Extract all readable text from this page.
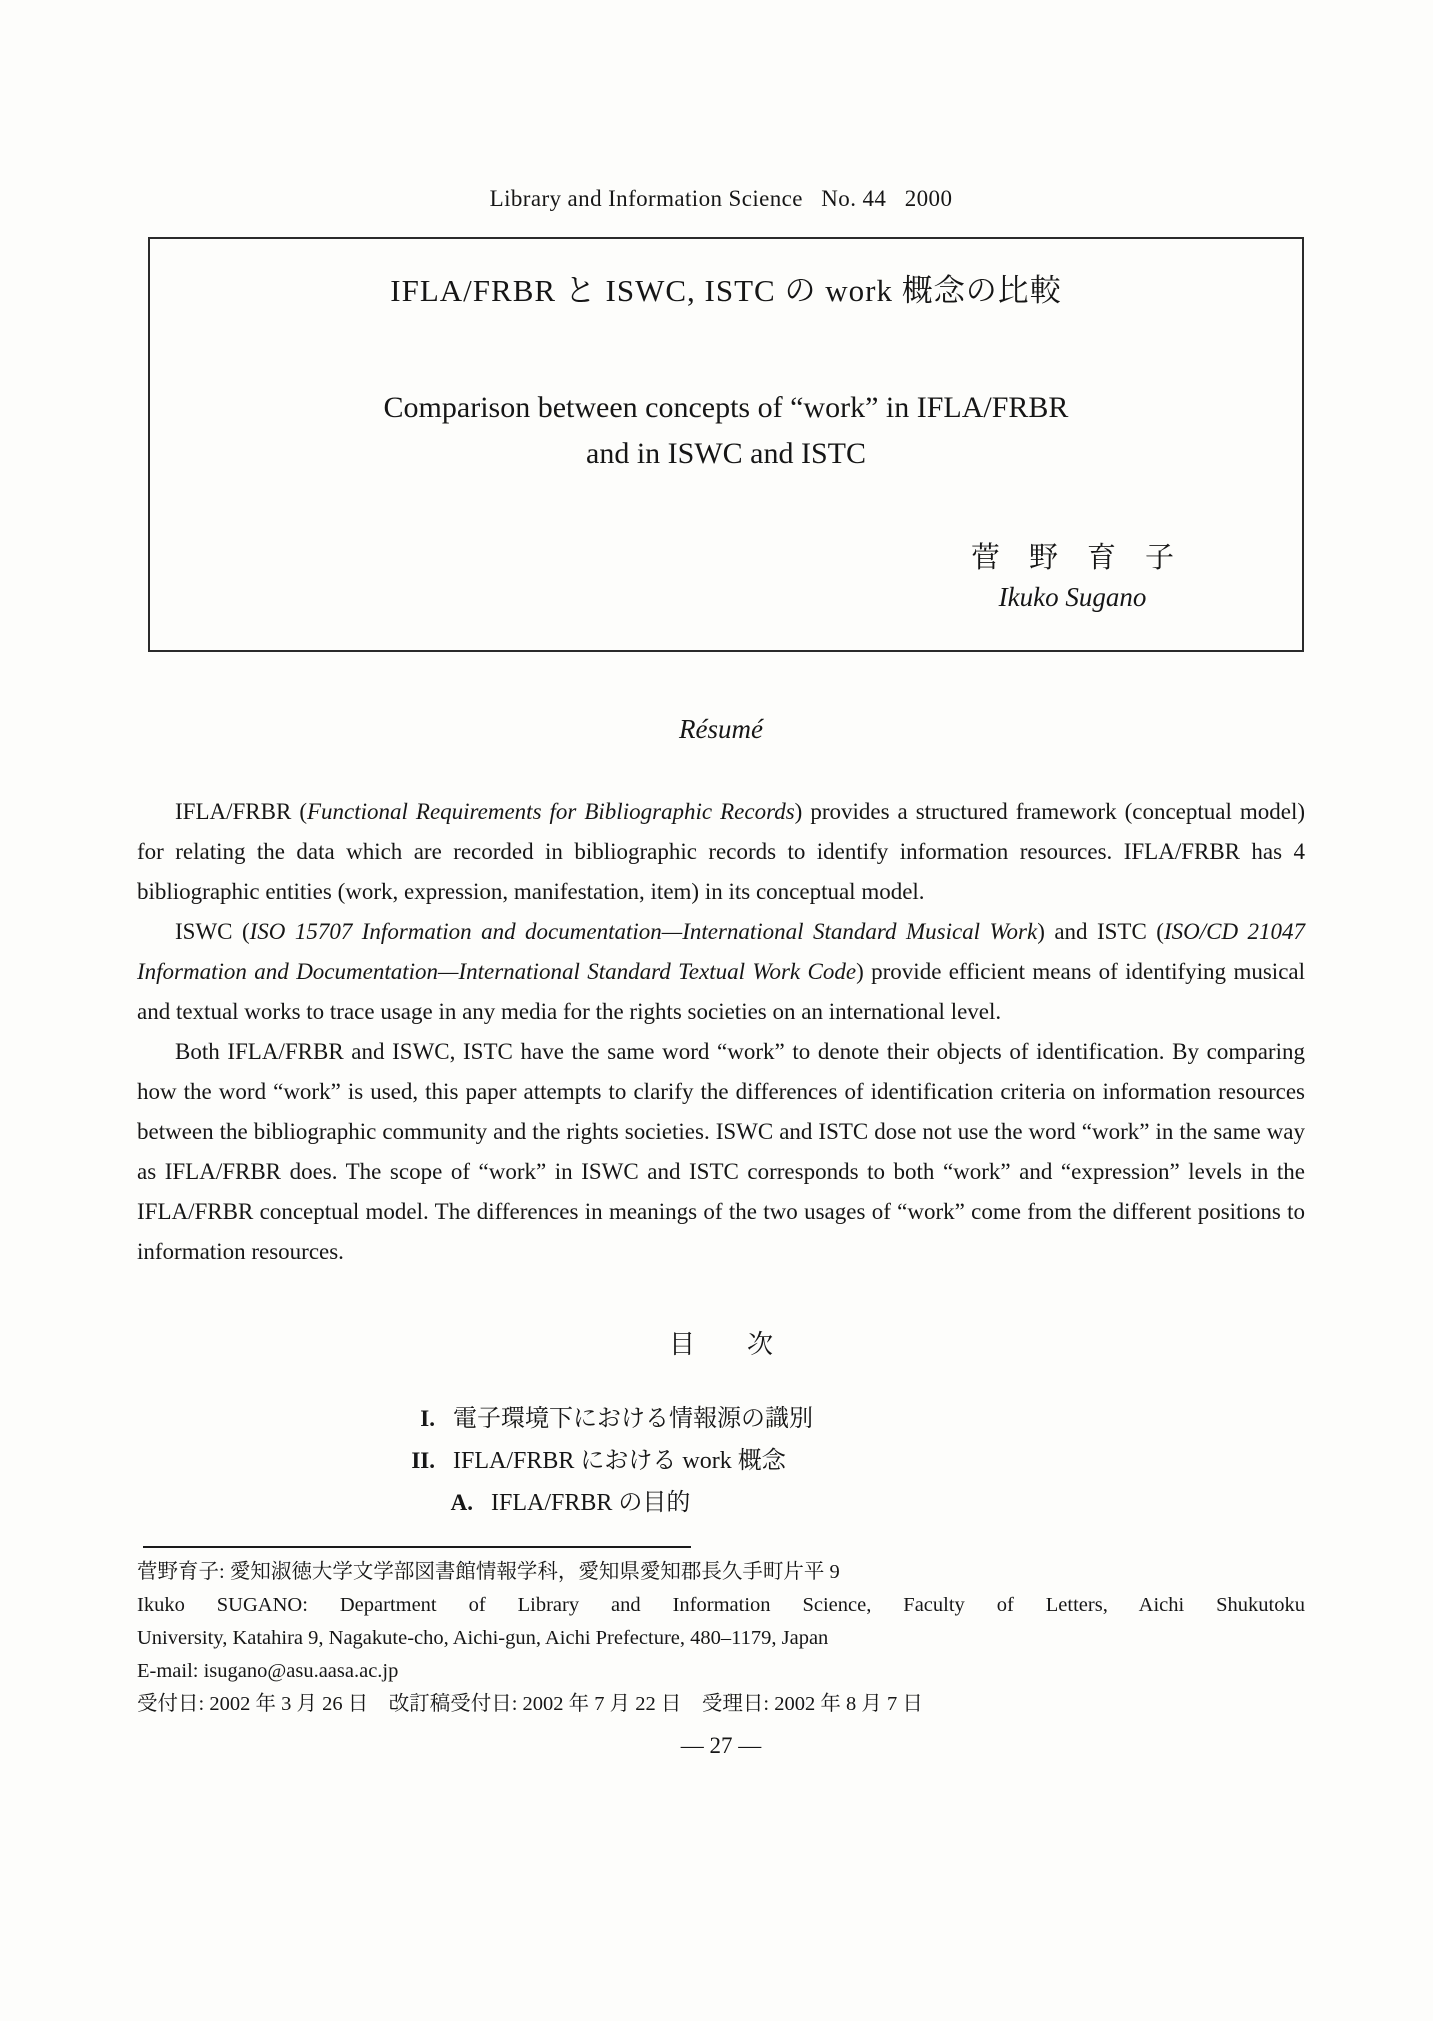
Library and Information Science   No. 44   2000
IFLA/FRBR と ISWC, ISTC の work 概念の比較
Comparison between concepts of “work” in IFLA/FRBR
and in ISWC and ISTC
菅　野　育　子
Ikuko Sugano
Résumé

IFLA/FRBR (Functional Requirements for Bibliographic Records) provides a structured framework (conceptual model) for relating the data which are recorded in bibliographic records to identify information resources. IFLA/FRBR has 4 bibliographic entities (work, expression, manifestation, item) in its conceptual model.

ISWC (ISO 15707 Information and documentation—International Standard Musical Work) and ISTC (ISO/CD 21047 Information and Documentation—International Standard Textual Work Code) provide efficient means of identifying musical and textual works to trace usage in any media for the rights societies on an international level.

Both IFLA/FRBR and ISWC, ISTC have the same word “work” to denote their objects of identification. By comparing how the word “work” is used, this paper attempts to clarify the differences of identification criteria on information resources between the bibliographic community and the rights societies. ISWC and ISTC dose not use the word “work” in the same way as IFLA/FRBR does. The scope of “work” in ISWC and ISTC corresponds to both “work” and “expression” levels in the IFLA/FRBR conceptual model. The differences in meanings of the two usages of “work” come from the different positions to information resources.

目　　次
I. 電子環境下における情報源の識別
II. IFLA/FRBR における work 概念
A. IFLA/FRBR の目的

菅野育子: 愛知淑徳大学文学部図書館情報学科，愛知県愛知郡長久手町片平 9

Ikuko SUGANO: Department of Library and Information Science, Faculty of Letters, Aichi Shukutoku

University, Katahira 9, Nagakute-cho, Aichi-gun, Aichi Prefecture, 480–1179, Japan

E-mail: isugano@asu.aasa.ac.jp

受付日: 2002 年 3 月 26 日　改訂稿受付日: 2002 年 7 月 22 日　受理日: 2002 年 8 月 7 日

— 27 —
